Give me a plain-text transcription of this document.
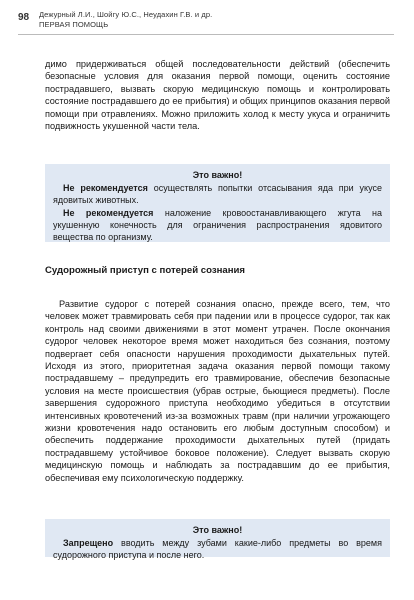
98 Дежурный Л.И., Шойгу Ю.С., Неудахин Г.В. и др.
ПЕРВАЯ ПОМОЩЬ
димо придерживаться общей последовательности действий (обеспечить безопасные условия для оказания первой помощи, оценить состояние пострадавшего, вызвать скорую медицинскую помощь и контролировать состояние пострадавшего до ее прибытия) и общих принципов оказания первой помощи при отравлениях. Можно приложить холод к месту укуса и ограничить подвижность укушенной части тела.
Это важно!
Не рекомендуется осуществлять попытки отсасывания яда при укусе ядовитых животных.
Не рекомендуется наложение кровоостанавливающего жгута на укушенную конечность для ограничения распространения ядовитого вещества по организму.
Судорожный приступ с потерей сознания
Развитие судорог с потерей сознания опасно, прежде всего, тем, что человек может травмировать себя при падении или в процессе судорог, так как контроль над своими движениями в этот момент утрачен. После окончания судорог человек некоторое время может находиться без сознания, поэтому подвергает себя опасности нарушения проходимости дыхательных путей. Исходя из этого, приоритетная задача оказания первой помощи такому пострадавшему – предупредить его травмирование, обеспечив безопасные условия на месте происшествия (убрав острые, бьющиеся предметы). После завершения судорожного приступа необходимо убедиться в отсутствии интенсивных кровотечений из-за возможных травм (при наличии угрожающего жизни кровотечения надо остановить его любым доступным способом) и обеспечить поддержание проходимости дыхательных путей (придать пострадавшему устойчивое боковое положение). Следует вызвать скорую медицинскую помощь и наблюдать за пострадавшим до ее прибытия, обеспечивая ему психологическую поддержку.
Это важно!
Запрещено вводить между зубами какие-либо предметы во время судорожного приступа и после него.
